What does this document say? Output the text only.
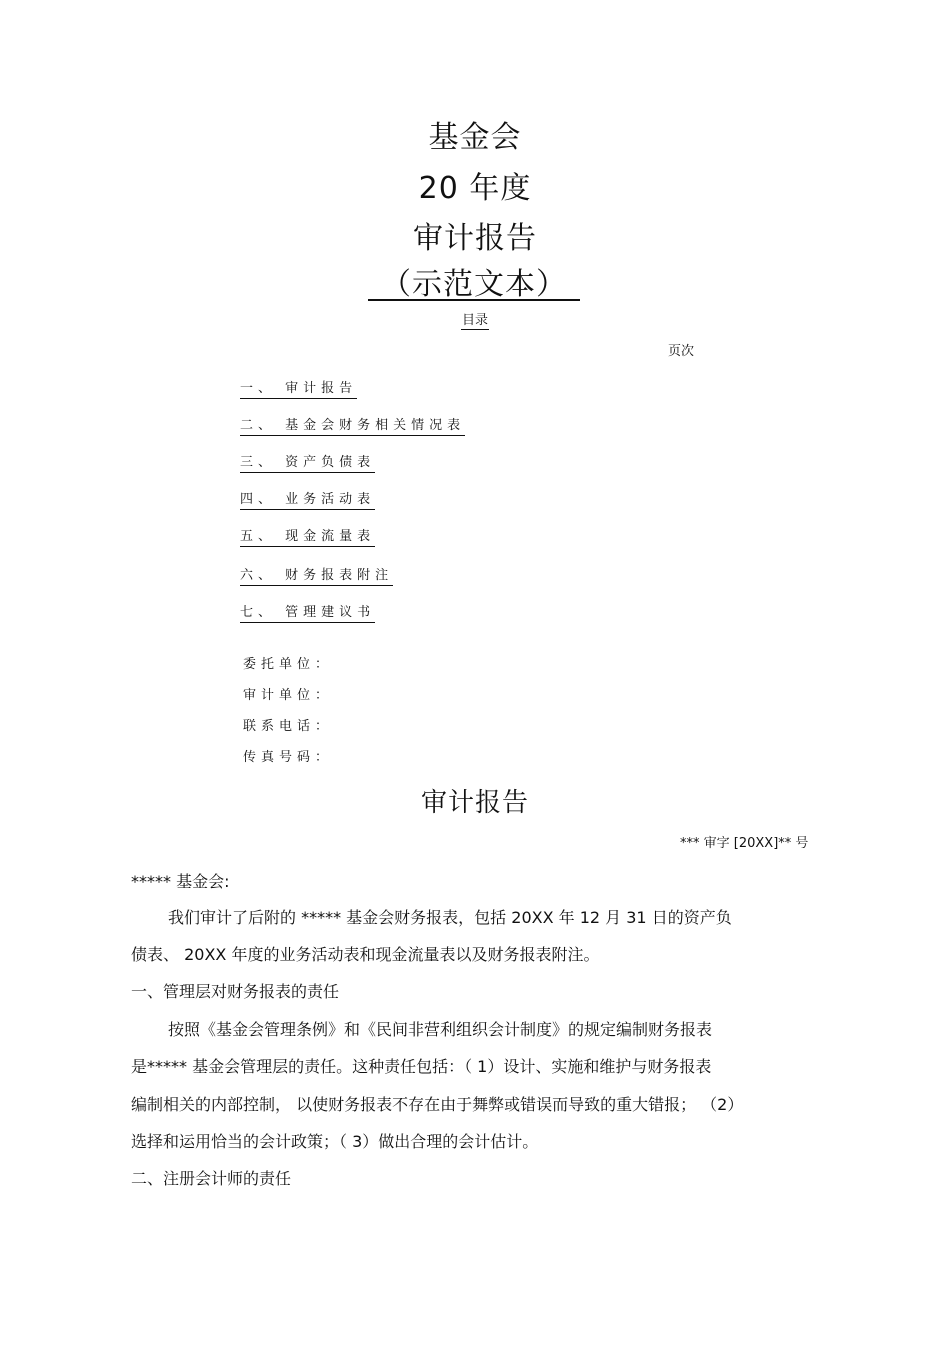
基金会
20 年度
审计报告
（示范文本）
目录
页次
一、 审计报告
二、 基金会财务相关情况表
三、 资产负债表
四、 业务活动表
五、 现金流量表
六、 财务报表附注
七、 管理建议书
委托单位：
审计单位：
联系电话：
传真号码：
审计报告
*** 审字 [20XX]** 号
***** 基金会:
我们审计了后附的 ***** 基金会财务报表，包括 20XX 年 12 月 31 日的资产负
债表、 20XX 年度的业务活动表和现金流量表以及财务报表附注。
一、管理层对财务报表的责任
按照《基金会管理条例》和《民间非营利组织会计制度》的规定编制财务报表
是***** 基金会管理层的责任。这种责任包括：（ 1）设计、实施和维护与财务报表
编制相关的内部控制， 以使财务报表不存在由于舞弊或错误而导致的重大错报； （2）
选择和运用恰当的会计政策；（ 3）做出合理的会计估计。
二、注册会计师的责任
